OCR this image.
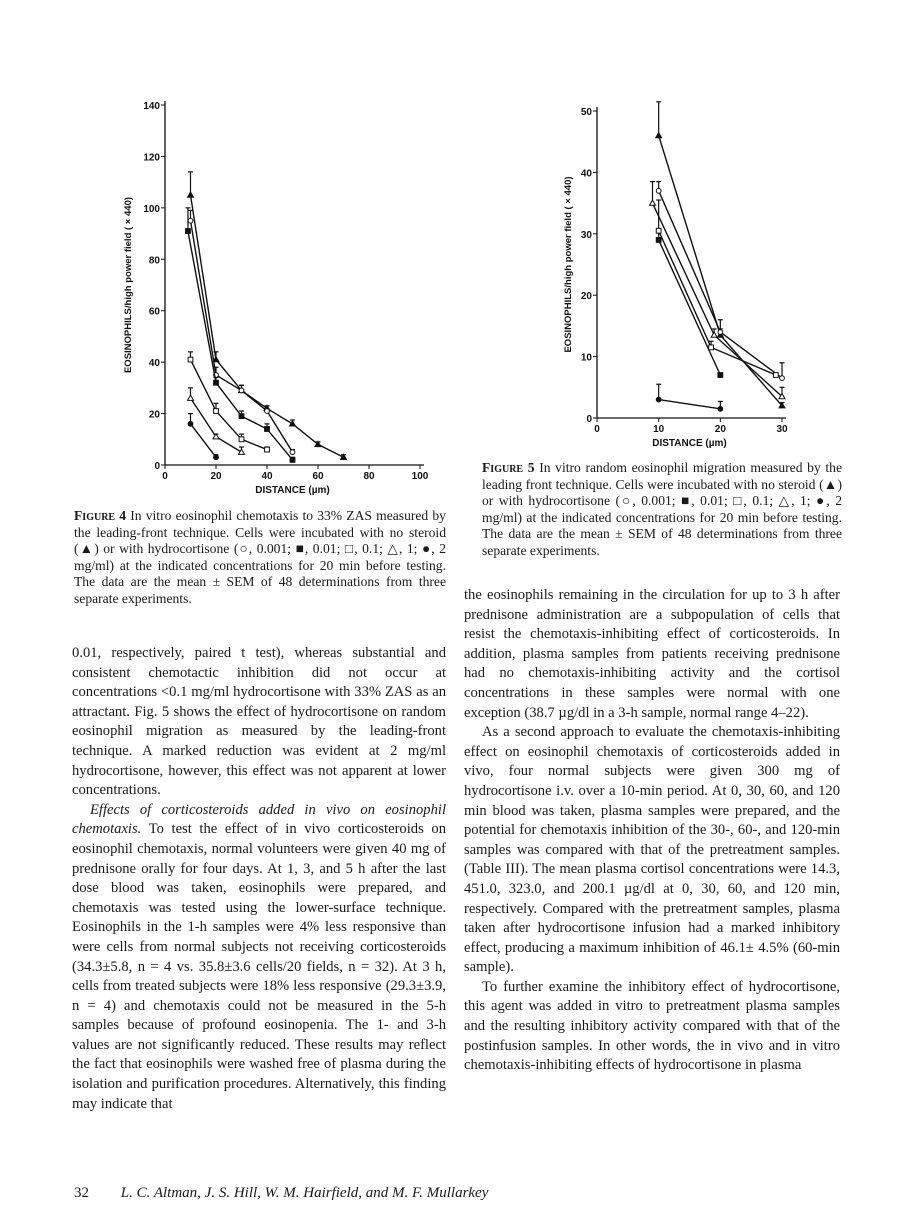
0	20	40	60	80	100
0
20
40
60
80
100
120
140
DISTANCE (µm)
EOSINOPHILS/high power field ( × 440)
0	10	20	30
0
10
20
30
40
50
DISTANCE (µm)
EOSINOPHILS/high power field ( × 440)
Figure 4 In vitro eosinophil chemotaxis to 33% ZAS measured by the leading-front technique. Cells were incubated with no steroid (▲) or with hydrocortisone (○, 0.001; ■, 0.01; □, 0.1; △, 1; ●, 2 mg/ml) at the indicated concentrations for 20 min before testing. The data are the mean ± SEM of 48 determinations from three separate experiments.
Figure 5 In vitro random eosinophil migration measured by the leading front technique. Cells were incubated with no steroid (▲) or with hydrocortisone (○, 0.001; ■, 0.01; □, 0.1; △, 1; ●, 2 mg/ml) at the indicated concentrations for 20 min before testing. The data are the mean ± SEM of 48 determinations from three separate experiments.

0.01, respectively, paired t test), whereas substantial and consistent chemotactic inhibition did not occur at concentrations <0.1 mg/ml hydrocortisone with 33% ZAS as an attractant. Fig. 5 shows the effect of hydrocortisone on random eosinophil migration as measured by the leading-front technique. A marked reduction was evident at 2 mg/ml hydrocortisone, however, this effect was not apparent at lower concentrations.

Effects of corticosteroids added in vivo on eosinophil chemotaxis. To test the effect of in vivo corticosteroids on eosinophil chemotaxis, normal volunteers were given 40 mg of prednisone orally for four days. At 1, 3, and 5 h after the last dose blood was taken, eosinophils were prepared, and chemotaxis was tested using the lower-surface technique. Eosinophils in the 1-h samples were 4% less responsive than were cells from normal subjects not receiving corticosteroids (34.3±5.8, n = 4 vs. 35.8±3.6 cells/20 fields, n = 32). At 3 h, cells from treated subjects were 18% less responsive (29.3±3.9, n = 4) and chemotaxis could not be measured in the 5-h samples because of profound eosinopenia. The 1- and 3-h values are not significantly reduced. These results may reflect the fact that eosinophils were washed free of plasma during the isolation and purification procedures. Alternatively, this finding may indicate that

the eosinophils remaining in the circulation for up to 3 h after prednisone administration are a subpopulation of cells that resist the chemotaxis-inhibiting effect of corticosteroids. In addition, plasma samples from patients receiving prednisone had no chemotaxis-inhibiting activity and the cortisol concentrations in these samples were normal with one exception (38.7 µg/dl in a 3-h sample, normal range 4–22).

As a second approach to evaluate the chemotaxis-inhibiting effect on eosinophil chemotaxis of corticosteroids added in vivo, four normal subjects were given 300 mg of hydrocortisone i.v. over a 10-min period. At 0, 30, 60, and 120 min blood was taken, plasma samples were prepared, and the potential for chemotaxis inhibition of the 30-, 60-, and 120-min samples was compared with that of the pretreatment samples. (Table III). The mean plasma cortisol concentrations were 14.3, 451.0, 323.0, and 200.1 µg/dl at 0, 30, 60, and 120 min, respectively. Compared with the pretreatment samples, plasma taken after hydrocortisone infusion had a marked inhibitory effect, producing a maximum inhibition of 46.1± 4.5% (60-min sample).

To further examine the inhibitory effect of hydrocortisone, this agent was added in vitro to pretreatment plasma samples and the resulting inhibitory activity compared with that of the postinfusion samples. In other words, the in vivo and in vitro chemotaxis-inhibiting effects of hydrocortisone in plasma

32 L. C. Altman, J. S. Hill, W. M. Hairfield, and M. F. Mullarkey
